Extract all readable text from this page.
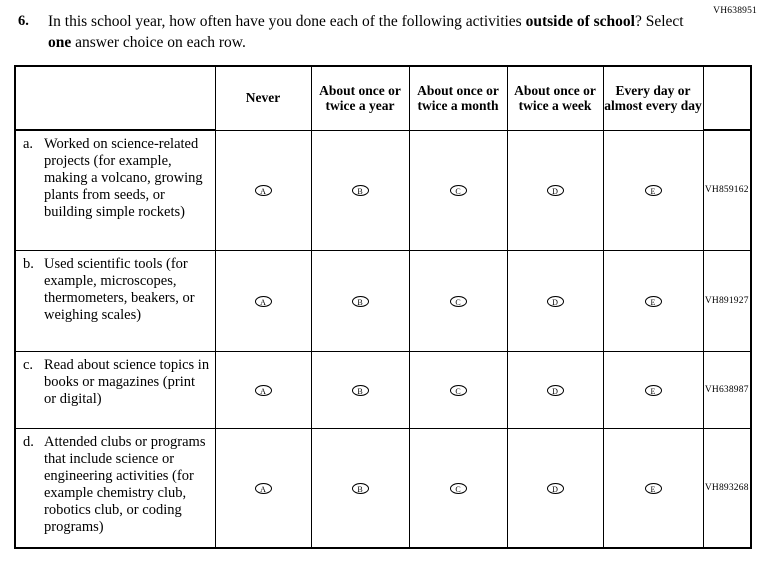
VH638951
6. In this school year, how often have you done each of the following activities outside of school? Select one answer choice on each row.
	Never	About once or twice a year	About once or twice a month	About once or twice a week	Every day or almost every day	

a. Worked on science-related projects (for example, making a volcano, growing plants from seeds, or building simple rockets)	A	B	C	D	E	VH859162

b. Used scientific tools (for example, microscopes, thermometers, beakers, or weighing scales)	A	B	C	D	E	VH891927

c. Read about science topics in books or magazines (print or digital)	A	B	C	D	E	VH638987

d. Attended clubs or programs that include science or engineering activities (for example chemistry club, robotics club, or coding programs)	A	B	C	D	E	VH893268
